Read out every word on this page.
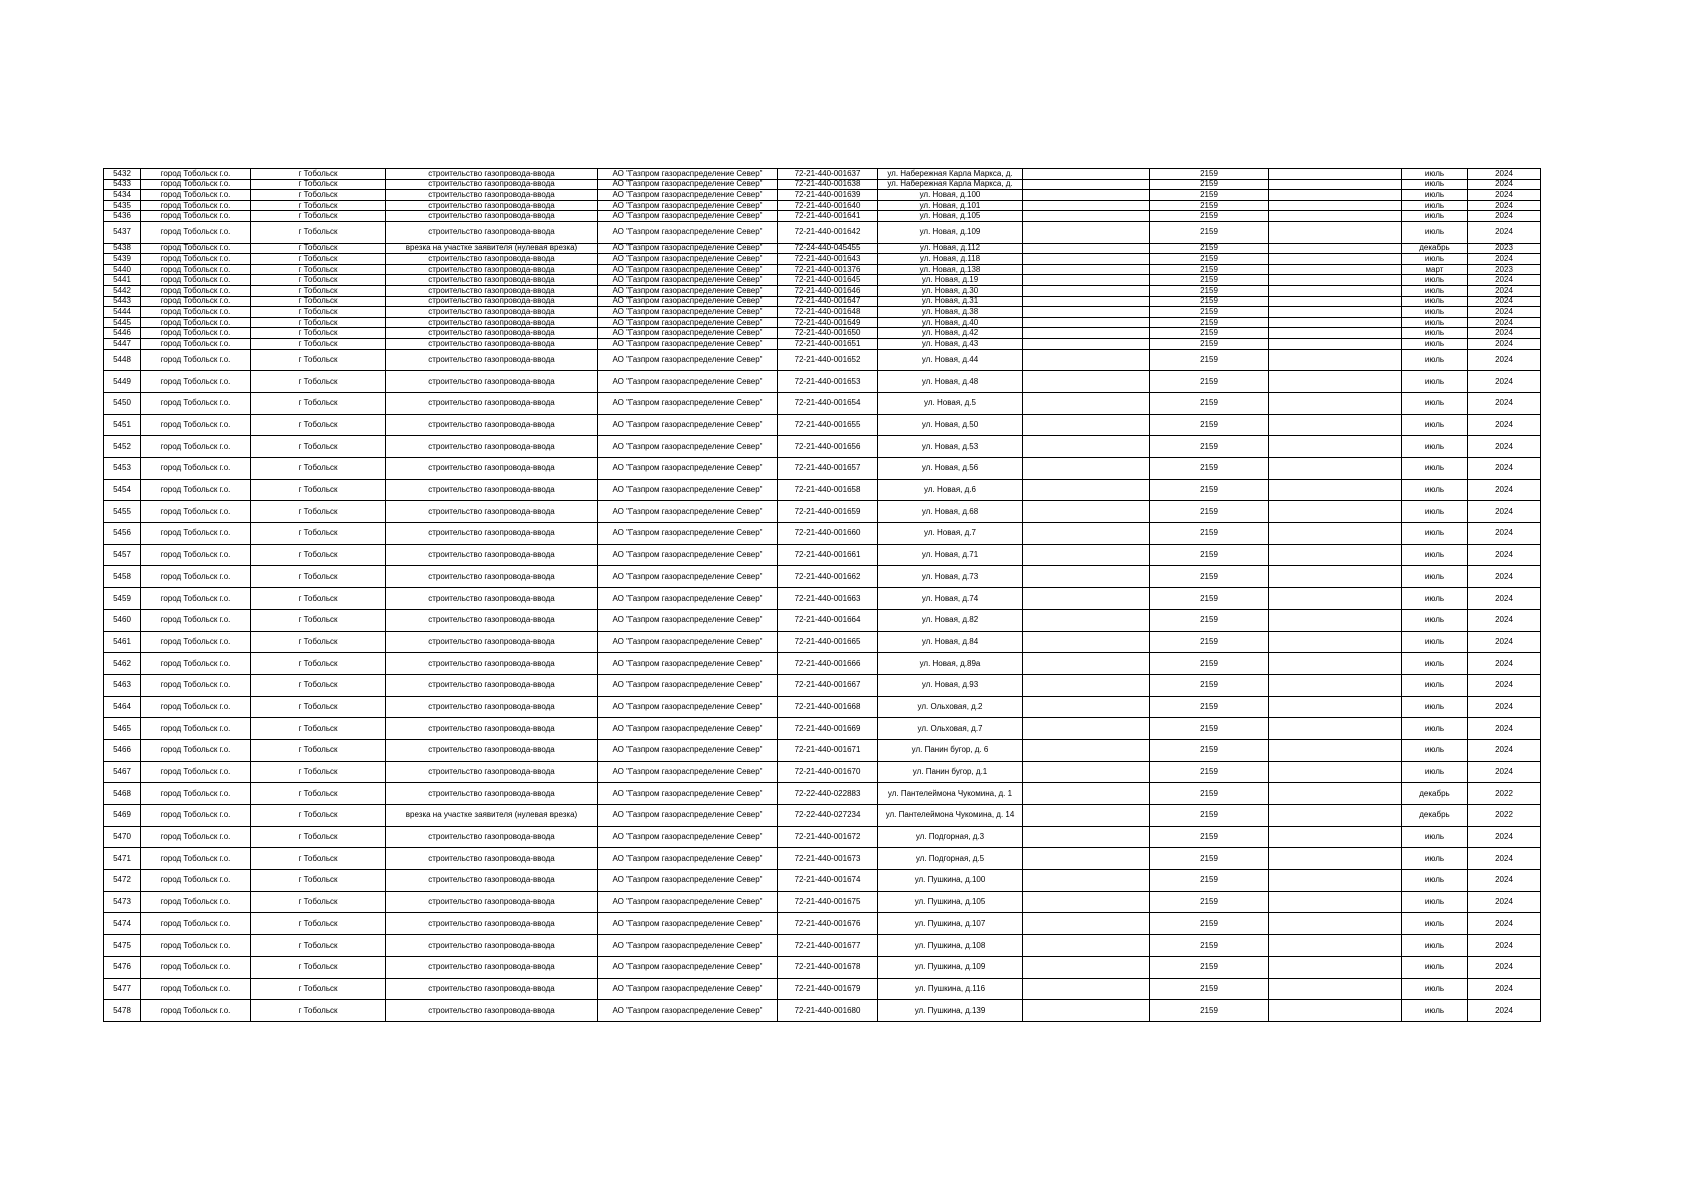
5432	город Тобольск г.о.	г Тобольск	строительство газопровода-ввода	АО "Газпром газораспределение Север"	72-21-440-001637	ул. Набережная Карла Маркса, д.		2159		июль	2024
5433	город Тобольск г.о.	г Тобольск	строительство газопровода-ввода	АО "Газпром газораспределение Север"	72-21-440-001638	ул. Набережная Карла Маркса, д.		2159		июль	2024
5434	город Тобольск г.о.	г Тобольск	строительство газопровода-ввода	АО "Газпром газораспределение Север"	72-21-440-001639	ул. Новая, д.100		2159		июль	2024
5435	город Тобольск г.о.	г Тобольск	строительство газопровода-ввода	АО "Газпром газораспределение Север"	72-21-440-001640	ул. Новая, д.101		2159		июль	2024
5436	город Тобольск г.о.	г Тобольск	строительство газопровода-ввода	АО "Газпром газораспределение Север"	72-21-440-001641	ул. Новая, д.105		2159		июль	2024
5437	город Тобольск г.о.	г Тобольск	строительство газопровода-ввода	АО "Газпром газораспределение Север"	72-21-440-001642	ул. Новая, д.109		2159		июль	2024
5438	город Тобольск г.о.	г Тобольск	врезка на участке заявителя (нулевая врезка)	АО "Газпром газораспределение Север"	72-24-440-045455	ул. Новая, д.112		2159		декабрь	2023
5439	город Тобольск г.о.	г Тобольск	строительство газопровода-ввода	АО "Газпром газораспределение Север"	72-21-440-001643	ул. Новая, д.118		2159		июль	2024
5440	город Тобольск г.о.	г Тобольск	строительство газопровода-ввода	АО "Газпром газораспределение Север"	72-21-440-001376	ул. Новая, д.138		2159		март	2023
5441	город Тобольск г.о.	г Тобольск	строительство газопровода-ввода	АО "Газпром газораспределение Север"	72-21-440-001645	ул. Новая, д.19		2159		июль	2024
5442	город Тобольск г.о.	г Тобольск	строительство газопровода-ввода	АО "Газпром газораспределение Север"	72-21-440-001646	ул. Новая, д.30		2159		июль	2024
5443	город Тобольск г.о.	г Тобольск	строительство газопровода-ввода	АО "Газпром газораспределение Север"	72-21-440-001647	ул. Новая, д.31		2159		июль	2024
5444	город Тобольск г.о.	г Тобольск	строительство газопровода-ввода	АО "Газпром газораспределение Север"	72-21-440-001648	ул. Новая, д.38		2159		июль	2024
5445	город Тобольск г.о.	г Тобольск	строительство газопровода-ввода	АО "Газпром газораспределение Север"	72-21-440-001649	ул. Новая, д.40		2159		июль	2024
5446	город Тобольск г.о.	г Тобольск	строительство газопровода-ввода	АО "Газпром газораспределение Север"	72-21-440-001650	ул. Новая, д.42		2159		июль	2024
5447	город Тобольск г.о.	г Тобольск	строительство газопровода-ввода	АО "Газпром газораспределение Север"	72-21-440-001651	ул. Новая, д.43		2159		июль	2024
5448	город Тобольск г.о.	г Тобольск	строительство газопровода-ввода	АО "Газпром газораспределение Север"	72-21-440-001652	ул. Новая, д.44		2159		июль	2024
5449	город Тобольск г.о.	г Тобольск	строительство газопровода-ввода	АО "Газпром газораспределение Север"	72-21-440-001653	ул. Новая, д.48		2159		июль	2024
5450	город Тобольск г.о.	г Тобольск	строительство газопровода-ввода	АО "Газпром газораспределение Север"	72-21-440-001654	ул. Новая, д.5		2159		июль	2024
5451	город Тобольск г.о.	г Тобольск	строительство газопровода-ввода	АО "Газпром газораспределение Север"	72-21-440-001655	ул. Новая, д.50		2159		июль	2024
5452	город Тобольск г.о.	г Тобольск	строительство газопровода-ввода	АО "Газпром газораспределение Север"	72-21-440-001656	ул. Новая, д.53		2159		июль	2024
5453	город Тобольск г.о.	г Тобольск	строительство газопровода-ввода	АО "Газпром газораспределение Север"	72-21-440-001657	ул. Новая, д.56		2159		июль	2024
5454	город Тобольск г.о.	г Тобольск	строительство газопровода-ввода	АО "Газпром газораспределение Север"	72-21-440-001658	ул. Новая, д.6		2159		июль	2024
5455	город Тобольск г.о.	г Тобольск	строительство газопровода-ввода	АО "Газпром газораспределение Север"	72-21-440-001659	ул. Новая, д.68		2159		июль	2024
5456	город Тобольск г.о.	г Тобольск	строительство газопровода-ввода	АО "Газпром газораспределение Север"	72-21-440-001660	ул. Новая, д.7		2159		июль	2024
5457	город Тобольск г.о.	г Тобольск	строительство газопровода-ввода	АО "Газпром газораспределение Север"	72-21-440-001661	ул. Новая, д.71		2159		июль	2024
5458	город Тобольск г.о.	г Тобольск	строительство газопровода-ввода	АО "Газпром газораспределение Север"	72-21-440-001662	ул. Новая, д.73		2159		июль	2024
5459	город Тобольск г.о.	г Тобольск	строительство газопровода-ввода	АО "Газпром газораспределение Север"	72-21-440-001663	ул. Новая, д.74		2159		июль	2024
5460	город Тобольск г.о.	г Тобольск	строительство газопровода-ввода	АО "Газпром газораспределение Север"	72-21-440-001664	ул. Новая, д.82		2159		июль	2024
5461	город Тобольск г.о.	г Тобольск	строительство газопровода-ввода	АО "Газпром газораспределение Север"	72-21-440-001665	ул. Новая, д.84		2159		июль	2024
5462	город Тобольск г.о.	г Тобольск	строительство газопровода-ввода	АО "Газпром газораспределение Север"	72-21-440-001666	ул. Новая, д.89а		2159		июль	2024
5463	город Тобольск г.о.	г Тобольск	строительство газопровода-ввода	АО "Газпром газораспределение Север"	72-21-440-001667	ул. Новая, д.93		2159		июль	2024
5464	город Тобольск г.о.	г Тобольск	строительство газопровода-ввода	АО "Газпром газораспределение Север"	72-21-440-001668	ул. Ольховая, д.2		2159		июль	2024
5465	город Тобольск г.о.	г Тобольск	строительство газопровода-ввода	АО "Газпром газораспределение Север"	72-21-440-001669	ул. Ольховая, д.7		2159		июль	2024
5466	город Тобольск г.о.	г Тобольск	строительство газопровода-ввода	АО "Газпром газораспределение Север"	72-21-440-001671	ул. Панин бугор, д. 6		2159		июль	2024
5467	город Тобольск г.о.	г Тобольск	строительство газопровода-ввода	АО "Газпром газораспределение Север"	72-21-440-001670	ул. Панин бугор, д.1		2159		июль	2024
5468	город Тобольск г.о.	г Тобольск	строительство газопровода-ввода	АО "Газпром газораспределение Север"	72-22-440-022883	ул. Пантелеймона Чукомина, д. 1		2159		декабрь	2022
5469	город Тобольск г.о.	г Тобольск	врезка на участке заявителя (нулевая врезка)	АО "Газпром газораспределение Север"	72-22-440-027234	ул. Пантелеймона Чукомина, д. 14		2159		декабрь	2022
5470	город Тобольск г.о.	г Тобольск	строительство газопровода-ввода	АО "Газпром газораспределение Север"	72-21-440-001672	ул. Подгорная, д.3		2159		июль	2024
5471	город Тобольск г.о.	г Тобольск	строительство газопровода-ввода	АО "Газпром газораспределение Север"	72-21-440-001673	ул. Подгорная, д.5		2159		июль	2024
5472	город Тобольск г.о.	г Тобольск	строительство газопровода-ввода	АО "Газпром газораспределение Север"	72-21-440-001674	ул. Пушкина, д.100		2159		июль	2024
5473	город Тобольск г.о.	г Тобольск	строительство газопровода-ввода	АО "Газпром газораспределение Север"	72-21-440-001675	ул. Пушкина, д.105		2159		июль	2024
5474	город Тобольск г.о.	г Тобольск	строительство газопровода-ввода	АО "Газпром газораспределение Север"	72-21-440-001676	ул. Пушкина, д.107		2159		июль	2024
5475	город Тобольск г.о.	г Тобольск	строительство газопровода-ввода	АО "Газпром газораспределение Север"	72-21-440-001677	ул. Пушкина, д.108		2159		июль	2024
5476	город Тобольск г.о.	г Тобольск	строительство газопровода-ввода	АО "Газпром газораспределение Север"	72-21-440-001678	ул. Пушкина, д.109		2159		июль	2024
5477	город Тобольск г.о.	г Тобольск	строительство газопровода-ввода	АО "Газпром газораспределение Север"	72-21-440-001679	ул. Пушкина, д.116		2159		июль	2024
5478	город Тобольск г.о.	г Тобольск	строительство газопровода-ввода	АО "Газпром газораспределение Север"	72-21-440-001680	ул. Пушкина, д.139		2159		июль	2024
